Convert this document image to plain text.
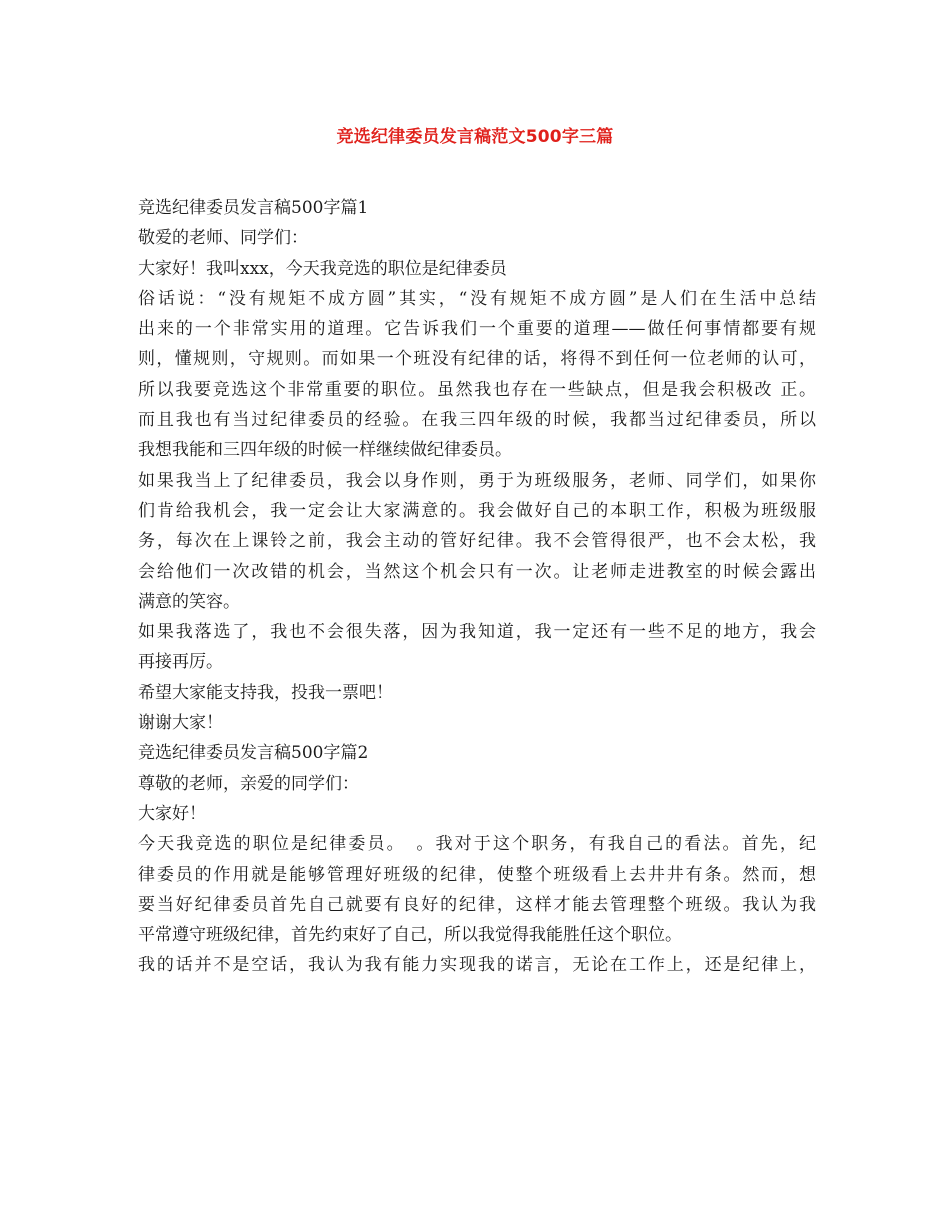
竞选纪律委员发言稿范文500字三篇
竞选纪律委员发言稿500字篇1
敬爱的老师、同学们：
大家好！我叫xxx，今天我竞选的职位是纪律委员
俗话说：“没有规矩不成方圆”其实，“没有规矩不成方圆”是人们在生活中总结
出来的一个非常实用的道理。它告诉我们一个重要的道理——做任何事情都要有规
则，懂规则，守规则。而如果一个班没有纪律的话，将得不到任何一位老师的认可，
所以我要竞选这个非常重要的职位。虽然我也存在一些缺点，但是我会积极改 正。
而且我也有当过纪律委员的经验。在我三四年级的时候，我都当过纪律委员，所以
我想我能和三四年级的时候一样继续做纪律委员。
如果我当上了纪律委员，我会以身作则，勇于为班级服务，老师、同学们，如果你
们肯给我机会，我一定会让大家满意的。我会做好自己的本职工作，积极为班级服
务，每次在上课铃之前，我会主动的管好纪律。我不会管得很严，也不会太松，我
会给他们一次改错的机会，当然这个机会只有一次。让老师走进教室的时候会露出
满意的笑容。
如果我落选了，我也不会很失落，因为我知道，我一定还有一些不足的地方，我会
再接再厉。
希望大家能支持我，投我一票吧！
谢谢大家！
竞选纪律委员发言稿500字篇2
尊敬的老师，亲爱的同学们：
大家好！
今天我竞选的职位是纪律委员。　。我对于这个职务，有我自己的看法。首先，纪
律委员的作用就是能够管理好班级的纪律，使整个班级看上去井井有条。然而，想
要当好纪律委员首先自己就要有良好的纪律，这样才能去管理整个班级。我认为我
平常遵守班级纪律，首先约束好了自己，所以我觉得我能胜任这个职位。
我的话并不是空话，我认为我有能力实现我的诺言，无论在工作上，还是纪律上，
